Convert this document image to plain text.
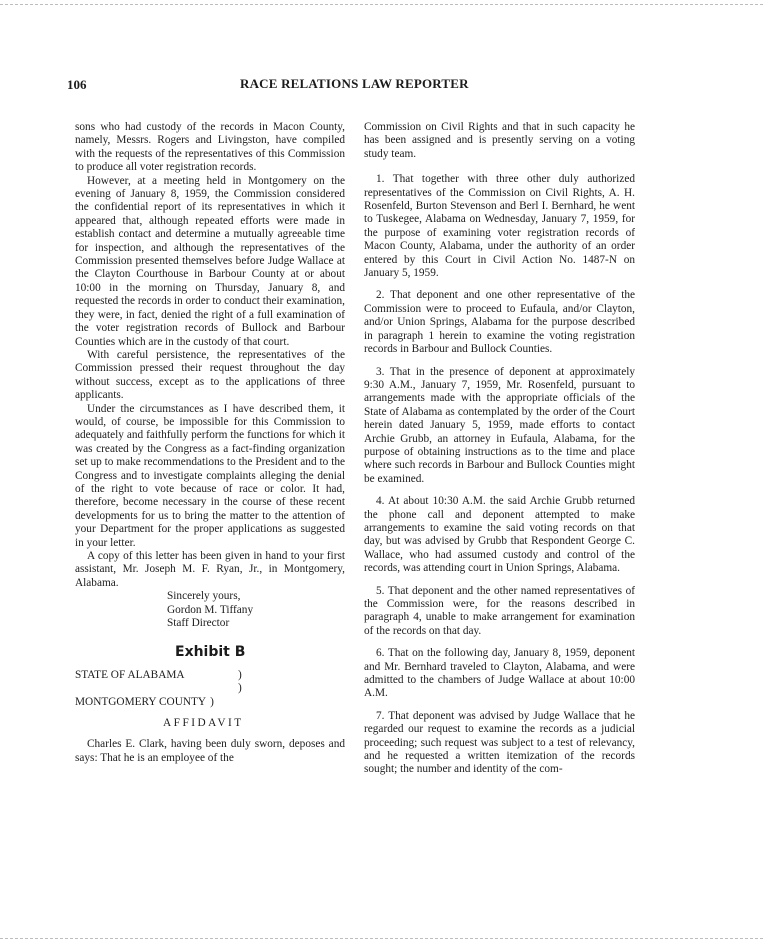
106	RACE RELATIONS LAW REPORTER

sons who had custody of the records in Macon County, namely, Messrs. Rogers and Livingston, have compiled with the requests of the representatives of this Commission to produce all voter registration records.

However, at a meeting held in Montgomery on the evening of January 8, 1959, the Commission considered the confidential report of its representatives in which it appeared that, although repeated efforts were made in establish contact and determine a mutually agreeable time for inspection, and although the representatives of the Commission presented themselves before Judge Wallace at the Clayton Courthouse in Barbour County at or about 10:00 in the morning on Thursday, January 8, and requested the records in order to conduct their examination, they were, in fact, denied the right of a full examination of the voter registration records of Bullock and Barbour Counties which are in the custody of that court.

With careful persistence, the representatives of the Commission pressed their request throughout the day without success, except as to the applications of three applicants.

Under the circumstances as I have described them, it would, of course, be impossible for this Commission to adequately and faithfully perform the functions for which it was created by the Congress as a fact-finding organization set up to make recommendations to the President and to the Congress and to investigate complaints alleging the denial of the right to vote because of race or color. It had, therefore, become necessary in the course of these recent developments for us to bring the matter to the attention of your Department for the proper applications as suggested in your letter.

A copy of this letter has been given in hand to your first assistant, Mr. Joseph M. F. Ryan, Jr., in Montgomery, Alabama.

Sincerely yours,
Gordon M. Tiffany
Staff Director
Exhibit B
STATE OF ALABAMA	)
)
MONTGOMERY COUNTY )
AFFIDAVIT

Charles E. Clark, having been duly sworn, deposes and says: That he is an employee of the

Commission on Civil Rights and that in such capacity he has been assigned and is presently serving on a voting study team.

1. That together with three other duly authorized representatives of the Commission on Civil Rights, A. H. Rosenfeld, Burton Stevenson and Berl I. Bernhard, he went to Tuskegee, Alabama on Wednesday, January 7, 1959, for the purpose of examining voter registration records of Macon County, Alabama, under the authority of an order entered by this Court in Civil Action No. 1487-N on January 5, 1959.

2. That deponent and one other representative of the Commission were to proceed to Eufaula, and/or Clayton, and/or Union Springs, Alabama for the purpose described in paragraph 1 herein to examine the voting registration records in Barbour and Bullock Counties.

3. That in the presence of deponent at approximately 9:30 A.M., January 7, 1959, Mr. Rosenfeld, pursuant to arrangements made with the appropriate officials of the State of Alabama as contemplated by the order of the Court herein dated January 5, 1959, made efforts to contact Archie Grubb, an attorney in Eufaula, Alabama, for the purpose of obtaining instructions as to the time and place where such records in Barbour and Bullock Counties might be examined.

4. At about 10:30 A.M. the said Archie Grubb returned the phone call and deponent attempted to make arrangements to examine the said voting records on that day, but was advised by Grubb that Respondent George C. Wallace, who had assumed custody and control of the records, was attending court in Union Springs, Alabama.

5. That deponent and the other named representatives of the Commission were, for the reasons described in paragraph 4, unable to make arrangement for examination of the records on that day.

6. That on the following day, January 8, 1959, deponent and Mr. Bernhard traveled to Clayton, Alabama, and were admitted to the chambers of Judge Wallace at about 10:00 A.M.

7. That deponent was advised by Judge Wallace that he regarded our request to examine the records as a judicial proceeding; such request was subject to a test of relevancy, and he requested a written itemization of the records sought; the number and identity of the com-
